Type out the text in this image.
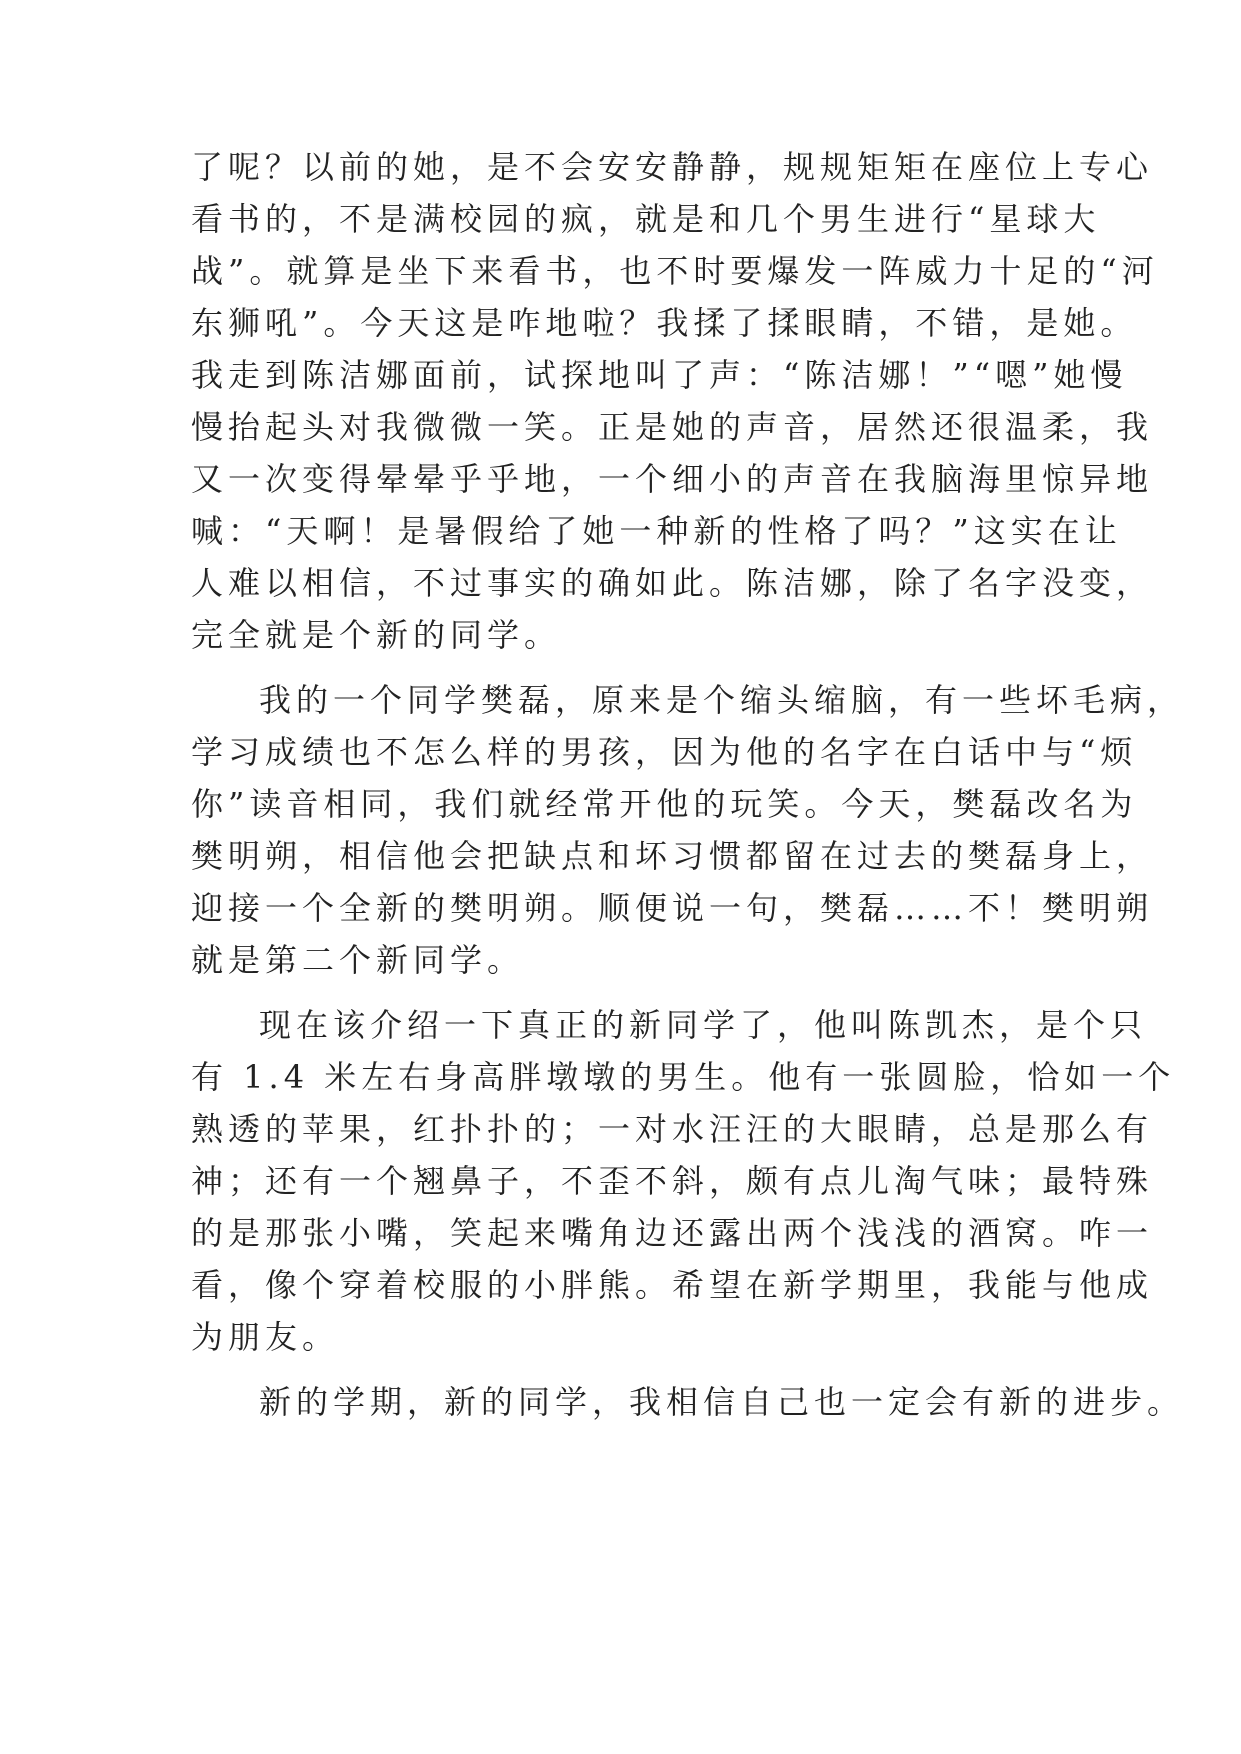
了呢？以前的她，是不会安安静静，规规矩矩在座位上专心
看书的，不是满校园的疯，就是和几个男生进行“星球大
战”。就算是坐下来看书，也不时要爆发一阵威力十足的“河
东狮吼”。今天这是咋地啦？我揉了揉眼睛，不错，是她。
我走到陈洁娜面前，试探地叫了声：“陈洁娜！”“嗯”她慢
慢抬起头对我微微一笑。正是她的声音，居然还很温柔，我
又一次变得晕晕乎乎地，一个细小的声音在我脑海里惊异地
喊：“天啊！是暑假给了她一种新的性格了吗？”这实在让
人难以相信，不过事实的确如此。陈洁娜，除了名字没变，
完全就是个新的同学。
我的一个同学樊磊，原来是个缩头缩脑，有一些坏毛病，
学习成绩也不怎么样的男孩，因为他的名字在白话中与“烦
你”读音相同，我们就经常开他的玩笑。今天，樊磊改名为
樊明朔，相信他会把缺点和坏习惯都留在过去的樊磊身上，
迎接一个全新的樊明朔。顺便说一句，樊磊……不！樊明朔
就是第二个新同学。
现在该介绍一下真正的新同学了，他叫陈凯杰，是个只
有 1.4 米左右身高胖墩墩的男生。他有一张圆脸，恰如一个
熟透的苹果，红扑扑的；一对水汪汪的大眼睛，总是那么有
神；还有一个翘鼻子，不歪不斜，颇有点儿淘气味；最特殊
的是那张小嘴，笑起来嘴角边还露出两个浅浅的酒窝。咋一
看，像个穿着校服的小胖熊。希望在新学期里，我能与他成
为朋友。
新的学期，新的同学，我相信自己也一定会有新的进步。
